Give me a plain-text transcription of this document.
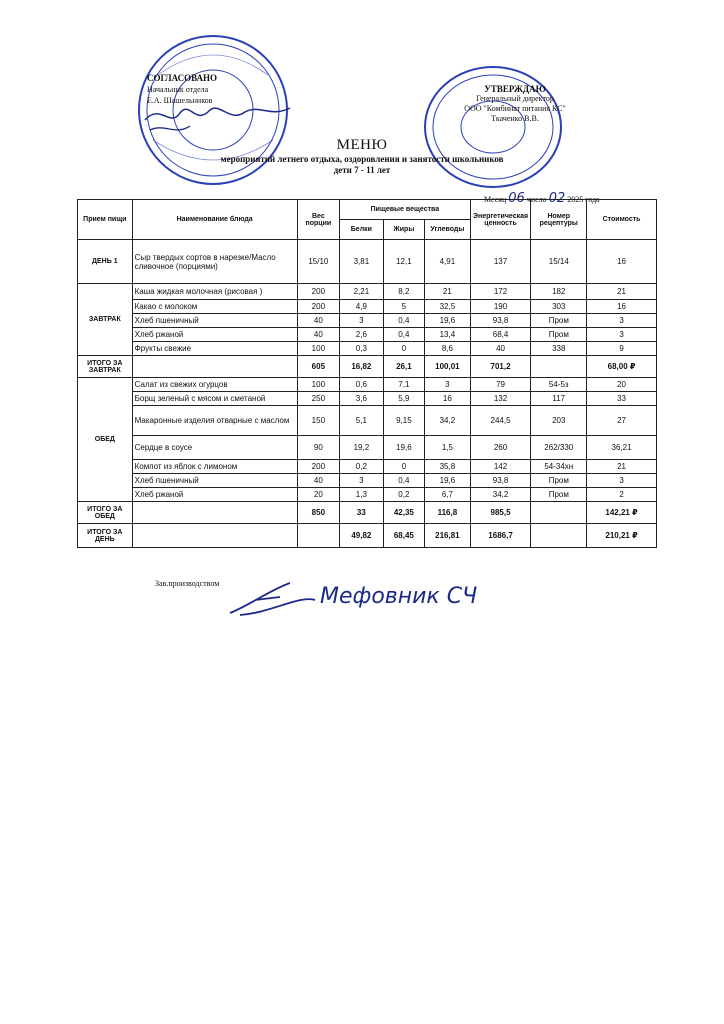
СОГЛАСОВАНО
Начальник отдела
Е.А. Шашельников
УТВЕРЖДАЮ
Генеральный директор
ООО "Комбинат питания КС"
Ткаченко В.В.
МЕНЮ
мероприятий летнего отдыха, оздоровления и занятости школьников
дети 7 - 11 лет
Месяц 06 число 02 2025 года
Прием пищи	Наименование блюда	Вес порции	Пищевые вещества			Энергетическая ценность	Номер рецептуры	Стоимость
			Белки	Жиры	Углеводы			
ДЕНЬ 1	Сыр твердых сортов в нарезке/Масло сливочное (порциями)	15/10	3,81	12,1	4,91	137	15/14	16
ЗАВТРАК	Каша жидкая молочная (рисовая )	200	2,21	8,2	21	172	182	21
	Какао с молоком	200	4,9	5	32,5	190	303	16
	Хлеб пшеничный	40	3	0,4	19,6	93,8	Пром	3
	Хлеб ржаной	40	2,6	0,4	13,4	68,4	Пром	3
	Фрукты свежие	100	0,3	0	8,6	40	338	9
ИТОГО ЗА ЗАВТРАК		605	16,82	26,1	100,01	701,2		68,00 ₽
ОБЕД	Салат из свежих огурцов	100	0,6	7,1	3	79	54-5з	20
	Борщ зеленый с мясом и сметаной	250	3,6	5,9	16	132	117	33
	Макаронные изделия отварные с маслом	150	5,1	9,15	34,2	244,5	203	27
	Сердце в соусе	90	19,2	19,6	1,5	260	262/330	36,21
	Компот из яблок с лимоном	200	0,2	0	35,8	142	54-34хн	21
	Хлеб пшеничный	40	3	0,4	19,6	93,8	Пром	3
	Хлеб ржаной	20	1,3	0,2	6,7	34,2	Пром	2
ИТОГО ЗА ОБЕД		850	33	42,35	116,8	985,5		142,21 ₽
ИТОГО ЗА ДЕНЬ			49,82	68,45	216,81	1686,7		210,21 ₽
Зав.производством
Мефовник СЧ
